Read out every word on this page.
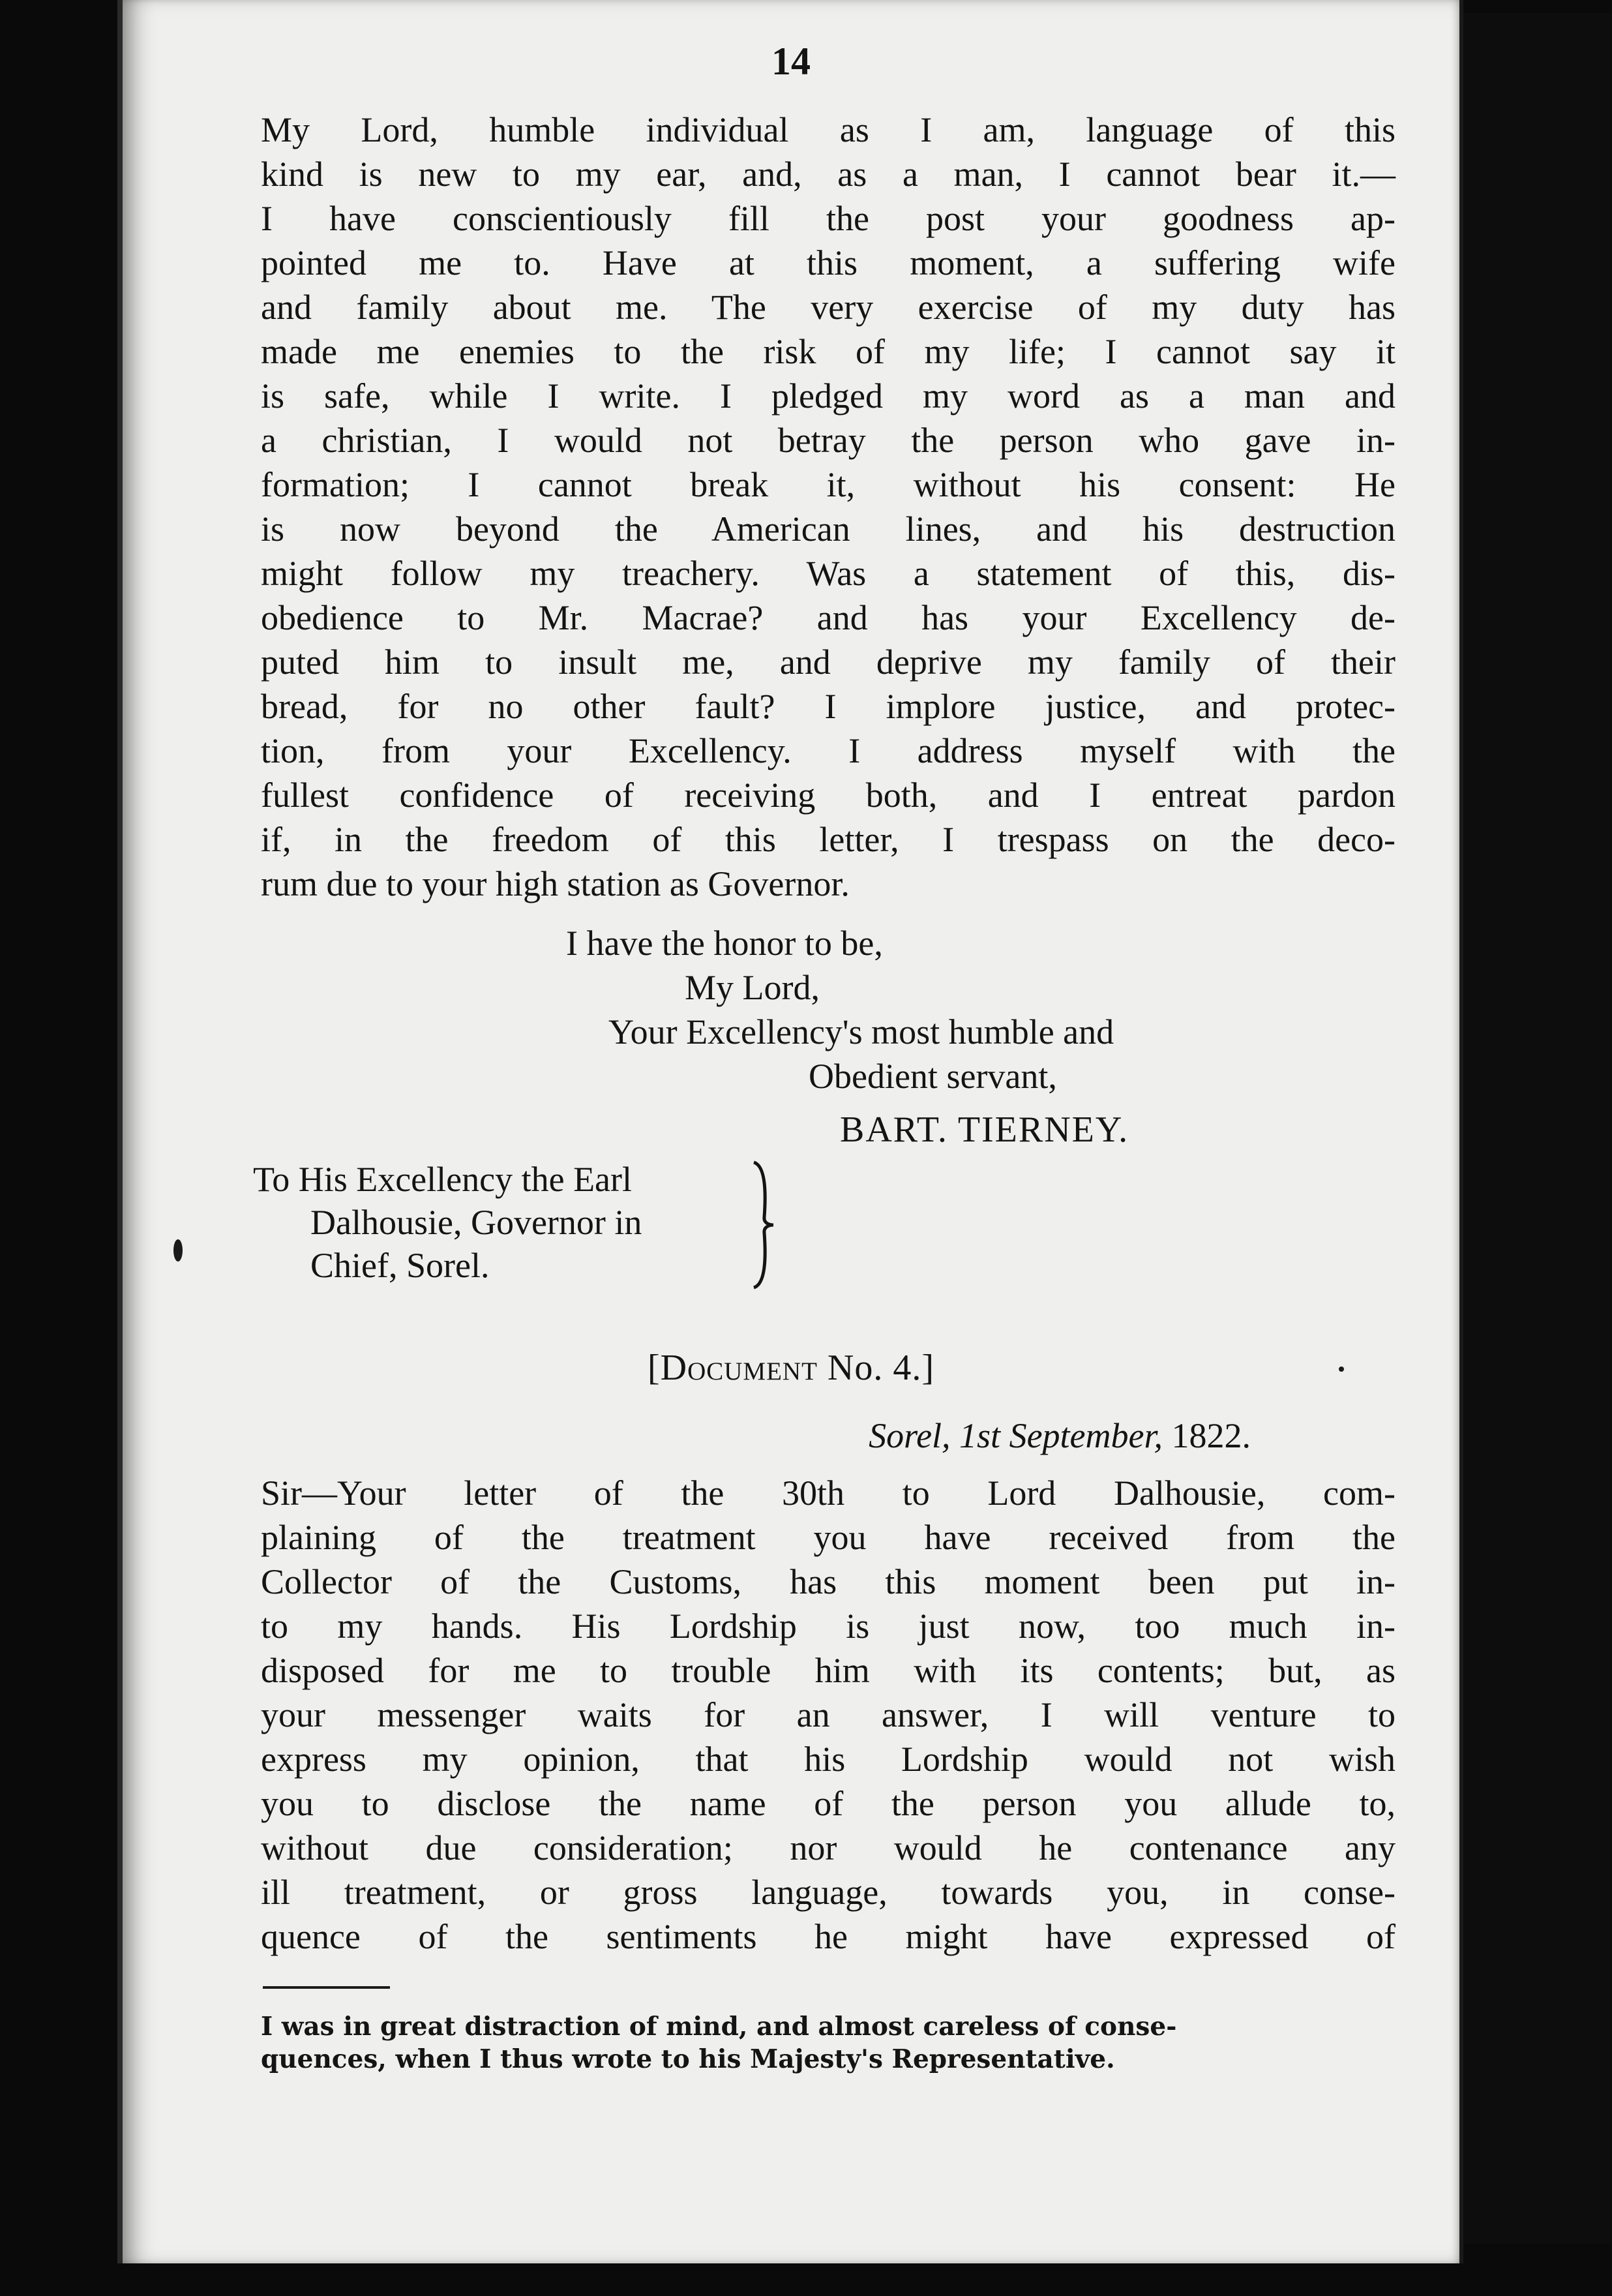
14
My Lord, humble individual as I am, language of this
kind is new to my ear, and, as a man, I cannot bear it.—
I have conscientiously fill the post your goodness ap-
pointed me to. Have at this moment, a suffering wife
and family about me. The very exercise of my duty has
made me enemies to the risk of my life; I cannot say it
is safe, while I write. I pledged my word as a man and
a christian, I would not betray the person who gave in-
formation; I cannot break it, without his consent: He
is now beyond the American lines, and his destruction
might follow my treachery. Was a statement of this, dis-
obedience to Mr. Macrae? and has your Excellency de-
puted him to insult me, and deprive my family of their
bread, for no other fault? I implore justice, and protec-
tion, from your Excellency. I address myself with the
fullest confidence of receiving both, and I entreat pardon
if, in the freedom of this letter, I trespass on the deco-
rum due to your high station as Governor.
I have the honor to be,
My Lord,
Your Excellency's most humble and
Obedient servant,
BART. TIERNEY.
To His Excellency the Earl
Dalhousie, Governor in
Chief, Sorel.
[Document No. 4.]
Sorel, 1st September, 1822.
Sir—Your letter of the 30th to Lord Dalhousie, com-
plaining of the treatment you have received from the
Collector of the Customs, has this moment been put in-
to my hands. His Lordship is just now, too much in-
disposed for me to trouble him with its contents; but, as
your messenger waits for an answer, I will venture to
express my opinion, that his Lordship would not wish
you to disclose the name of the person you allude to,
without due consideration; nor would he contenance any
ill treatment, or gross language, towards you, in conse-
quence of the sentiments he might have expressed of
I was in great distraction of mind, and almost careless of conse-
quences, when I thus wrote to his Majesty's Representative.
